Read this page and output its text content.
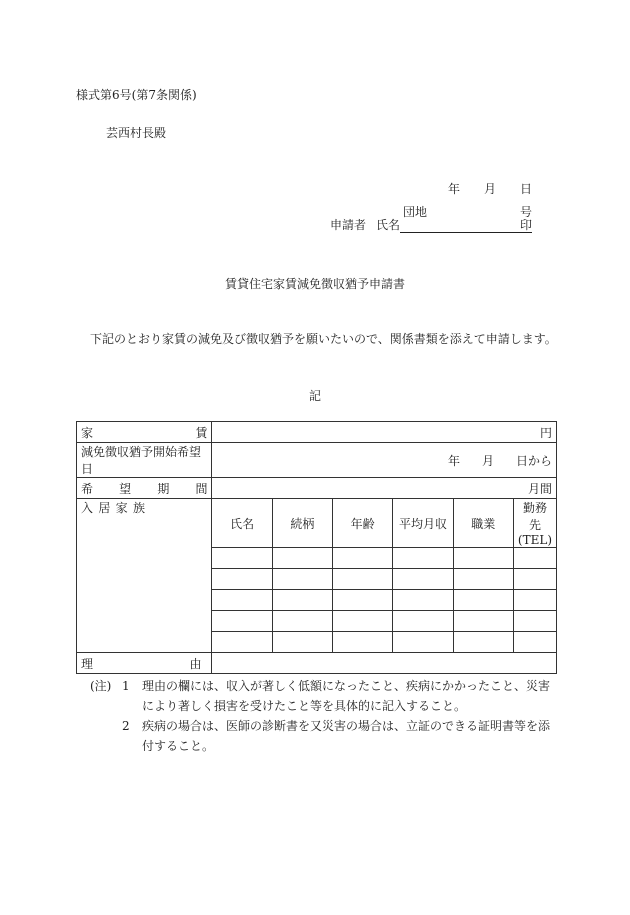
様式第6号(第7条関係)
芸西村長殿
年 月 日
団地	号
申請者 氏名	印
賃貸住宅家賃減免徴収猶予申請書
下記のとおり家賃の減免及び徴収猶予を願いたいので、関係書類を添えて申請します。
記
家 賃	円					
減免徴収猶予開始希望日	年 月 日から					

希 望 期 間	月間					

入 居 家 族	氏名	続柄	年齢	平均月収	職業	勤務先(TEL)

理 由						

(注) 1	理由の欄には、収入が著しく低額になったこと、疾病にかかったこと、災害により著しく損害を受けたこと等を具体的に記入すること。
2	疾病の場合は、医師の診断書を又災害の場合は、立証のできる証明書等を添付すること。
